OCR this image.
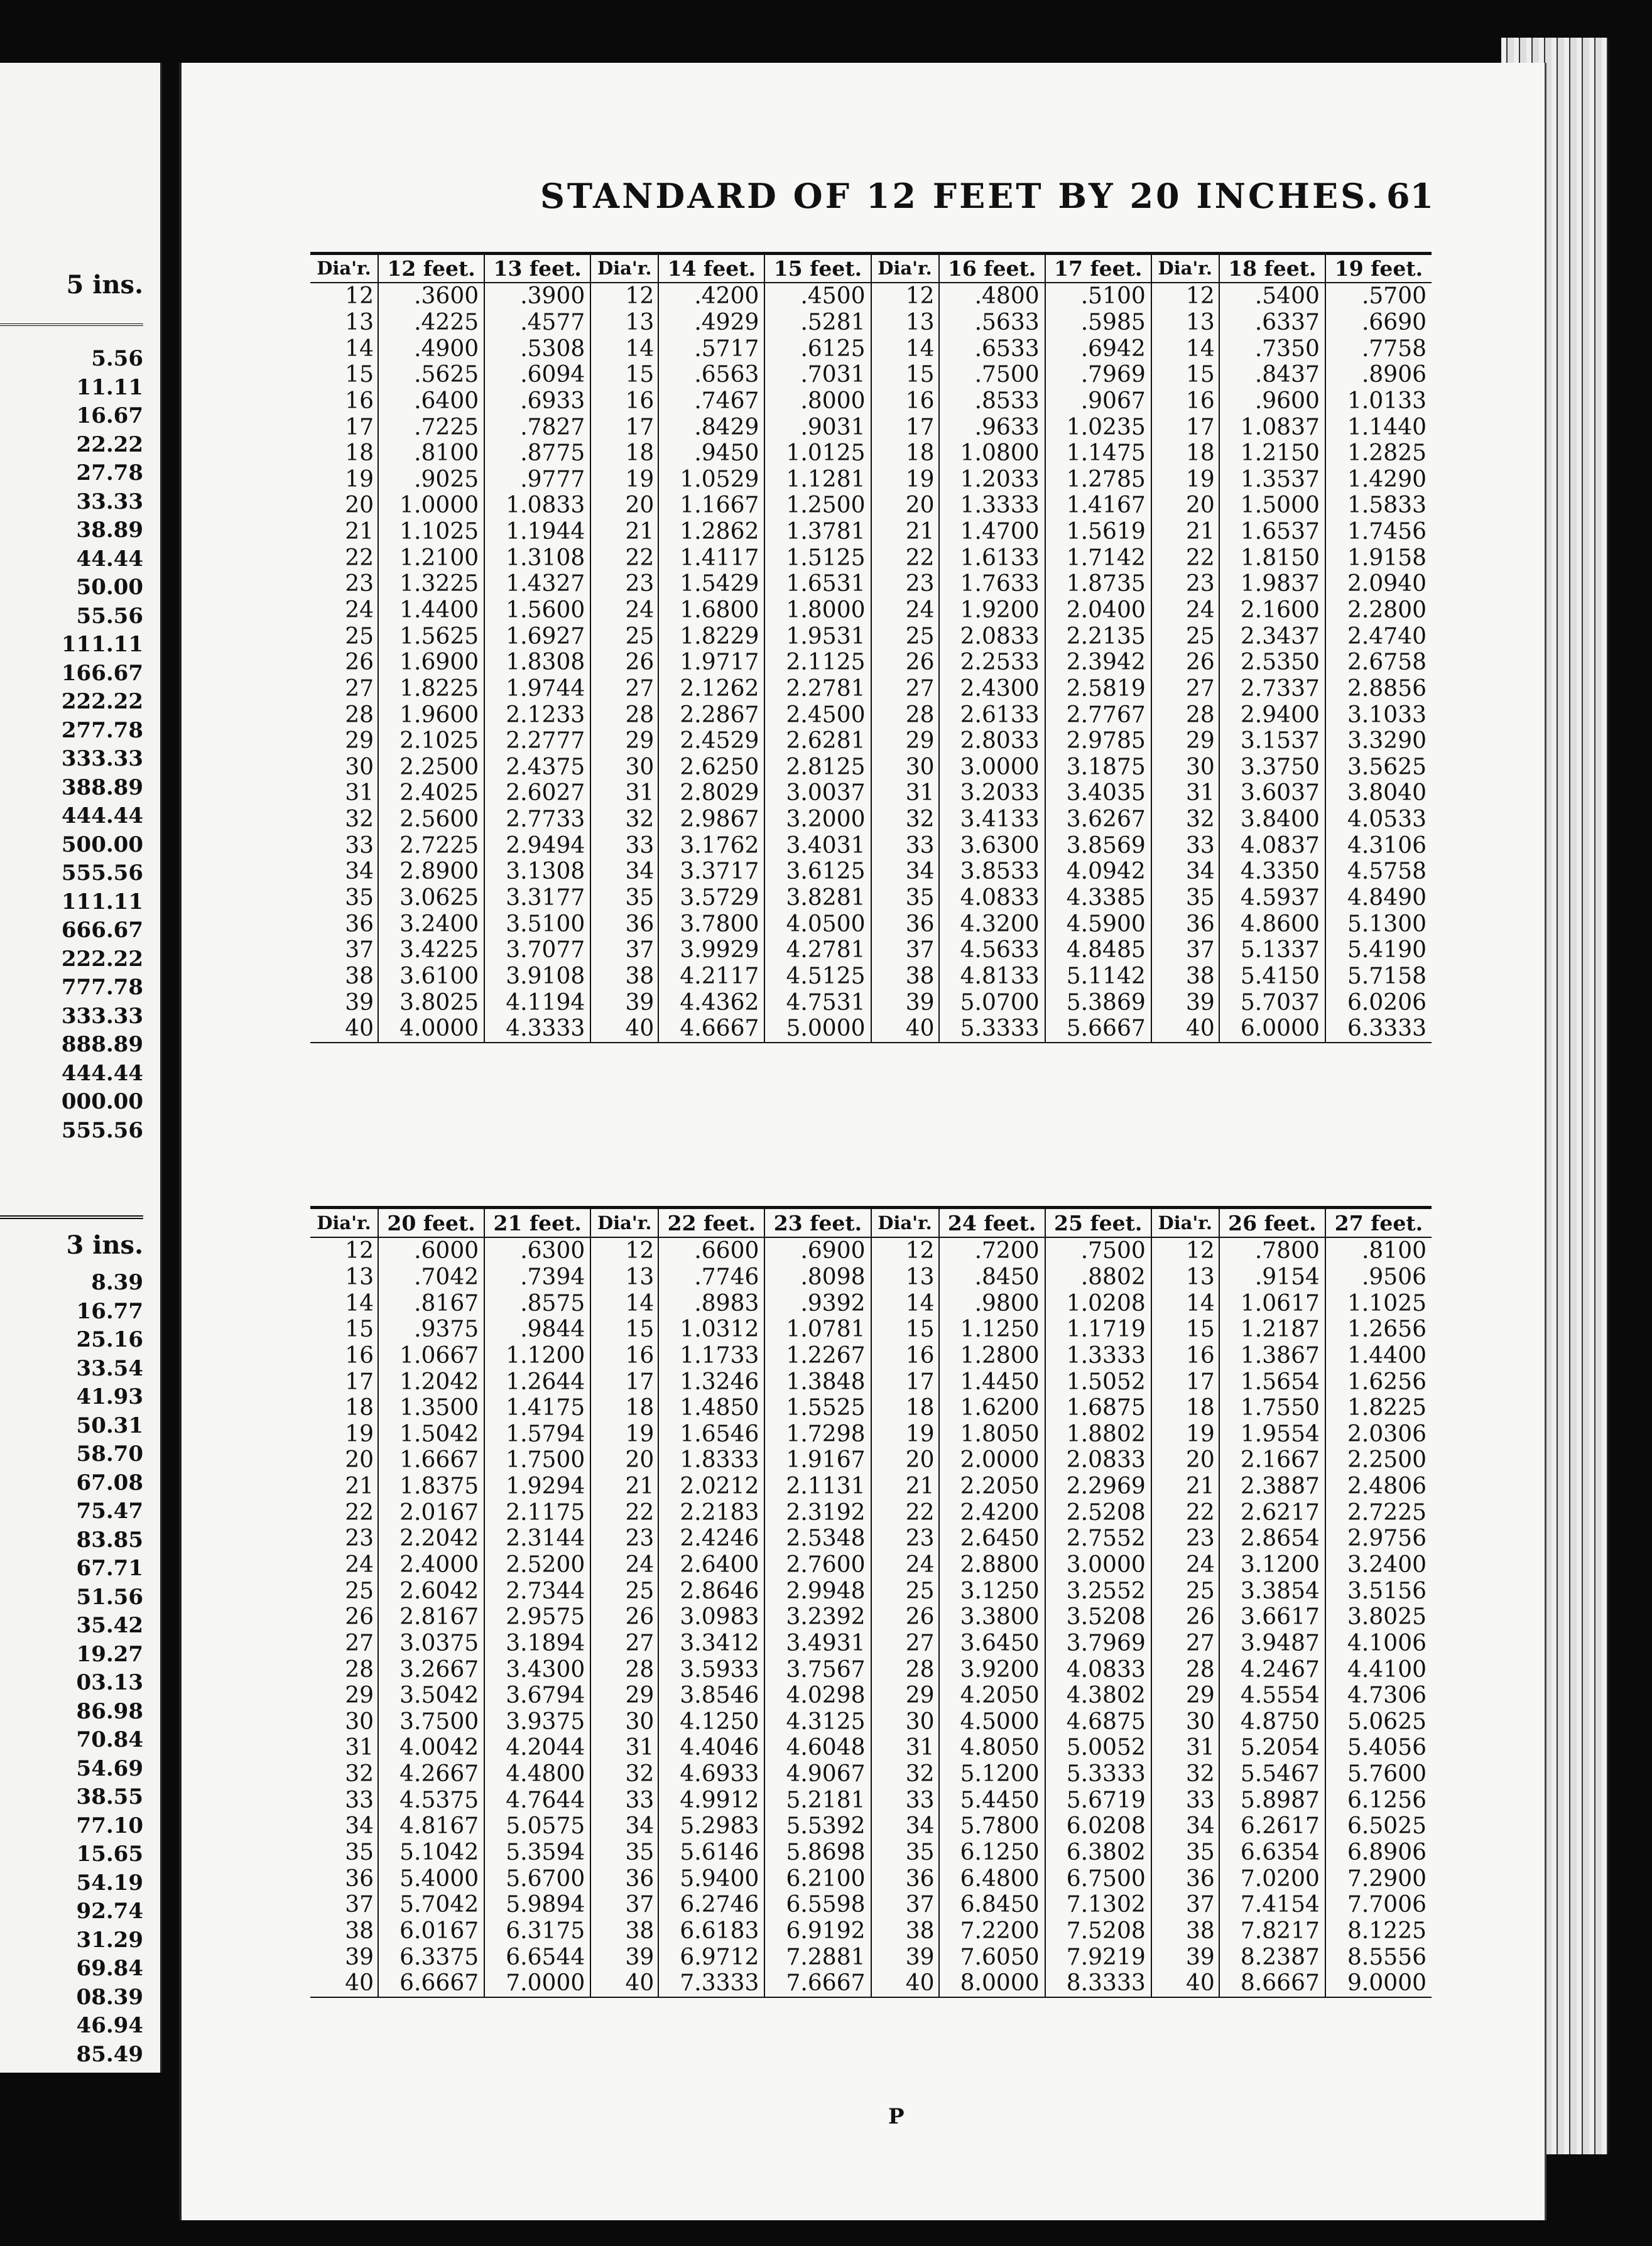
5 ins.
5.56
11.11
16.67
22.22
27.78
33.33
38.89
44.44
50.00
55.56
111.11
166.67
222.22
277.78
333.33
388.89
444.44
500.00
555.56
111.11
666.67
222.22
777.78
333.33
888.89
444.44
000.00
555.56
3 ins.
8.39
16.77
25.16
33.54
41.93
50.31
58.70
67.08
75.47
83.85
67.71
51.56
35.42
19.27
03.13
86.98
70.84
54.69
38.55
77.10
15.65
54.19
92.74
31.29
69.84
08.39
46.94
85.49
STANDARD OF 12 FEET BY 20 INCHES. 61
Dia'r.	12 feet.	13 feet.	Dia'r.	14 feet.	15 feet.	Dia'r.	16 feet.	17 feet.	Dia'r.	18 feet.	19 feet.
12	.3600	.3900	12	.4200	.4500	12	.4800	.5100	12	.5400	.5700
13	.4225	.4577	13	.4929	.5281	13	.5633	.5985	13	.6337	.6690
14	.4900	.5308	14	.5717	.6125	14	.6533	.6942	14	.7350	.7758
15	.5625	.6094	15	.6563	.7031	15	.7500	.7969	15	.8437	.8906
16	.6400	.6933	16	.7467	.8000	16	.8533	.9067	16	.9600	1.0133
17	.7225	.7827	17	.8429	.9031	17	.9633	1.0235	17	1.0837	1.1440
18	.8100	.8775	18	.9450	1.0125	18	1.0800	1.1475	18	1.2150	1.2825
19	.9025	.9777	19	1.0529	1.1281	19	1.2033	1.2785	19	1.3537	1.4290
20	1.0000	1.0833	20	1.1667	1.2500	20	1.3333	1.4167	20	1.5000	1.5833
21	1.1025	1.1944	21	1.2862	1.3781	21	1.4700	1.5619	21	1.6537	1.7456
22	1.2100	1.3108	22	1.4117	1.5125	22	1.6133	1.7142	22	1.8150	1.9158
23	1.3225	1.4327	23	1.5429	1.6531	23	1.7633	1.8735	23	1.9837	2.0940
24	1.4400	1.5600	24	1.6800	1.8000	24	1.9200	2.0400	24	2.1600	2.2800
25	1.5625	1.6927	25	1.8229	1.9531	25	2.0833	2.2135	25	2.3437	2.4740
26	1.6900	1.8308	26	1.9717	2.1125	26	2.2533	2.3942	26	2.5350	2.6758
27	1.8225	1.9744	27	2.1262	2.2781	27	2.4300	2.5819	27	2.7337	2.8856
28	1.9600	2.1233	28	2.2867	2.4500	28	2.6133	2.7767	28	2.9400	3.1033
29	2.1025	2.2777	29	2.4529	2.6281	29	2.8033	2.9785	29	3.1537	3.3290
30	2.2500	2.4375	30	2.6250	2.8125	30	3.0000	3.1875	30	3.3750	3.5625
31	2.4025	2.6027	31	2.8029	3.0037	31	3.2033	3.4035	31	3.6037	3.8040
32	2.5600	2.7733	32	2.9867	3.2000	32	3.4133	3.6267	32	3.8400	4.0533
33	2.7225	2.9494	33	3.1762	3.4031	33	3.6300	3.8569	33	4.0837	4.3106
34	2.8900	3.1308	34	3.3717	3.6125	34	3.8533	4.0942	34	4.3350	4.5758
35	3.0625	3.3177	35	3.5729	3.8281	35	4.0833	4.3385	35	4.5937	4.8490
36	3.2400	3.5100	36	3.7800	4.0500	36	4.3200	4.5900	36	4.8600	5.1300
37	3.4225	3.7077	37	3.9929	4.2781	37	4.5633	4.8485	37	5.1337	5.4190
38	3.6100	3.9108	38	4.2117	4.5125	38	4.8133	5.1142	38	5.4150	5.7158
39	3.8025	4.1194	39	4.4362	4.7531	39	5.0700	5.3869	39	5.7037	6.0206
40	4.0000	4.3333	40	4.6667	5.0000	40	5.3333	5.6667	40	6.0000	6.3333
Dia'r.	20 feet.	21 feet.	Dia'r.	22 feet.	23 feet.	Dia'r.	24 feet.	25 feet.	Dia'r.	26 feet.	27 feet.
12	.6000	.6300	12	.6600	.6900	12	.7200	.7500	12	.7800	.8100
13	.7042	.7394	13	.7746	.8098	13	.8450	.8802	13	.9154	.9506
14	.8167	.8575	14	.8983	.9392	14	.9800	1.0208	14	1.0617	1.1025
15	.9375	.9844	15	1.0312	1.0781	15	1.1250	1.1719	15	1.2187	1.2656
16	1.0667	1.1200	16	1.1733	1.2267	16	1.2800	1.3333	16	1.3867	1.4400
17	1.2042	1.2644	17	1.3246	1.3848	17	1.4450	1.5052	17	1.5654	1.6256
18	1.3500	1.4175	18	1.4850	1.5525	18	1.6200	1.6875	18	1.7550	1.8225
19	1.5042	1.5794	19	1.6546	1.7298	19	1.8050	1.8802	19	1.9554	2.0306
20	1.6667	1.7500	20	1.8333	1.9167	20	2.0000	2.0833	20	2.1667	2.2500
21	1.8375	1.9294	21	2.0212	2.1131	21	2.2050	2.2969	21	2.3887	2.4806
22	2.0167	2.1175	22	2.2183	2.3192	22	2.4200	2.5208	22	2.6217	2.7225
23	2.2042	2.3144	23	2.4246	2.5348	23	2.6450	2.7552	23	2.8654	2.9756
24	2.4000	2.5200	24	2.6400	2.7600	24	2.8800	3.0000	24	3.1200	3.2400
25	2.6042	2.7344	25	2.8646	2.9948	25	3.1250	3.2552	25	3.3854	3.5156
26	2.8167	2.9575	26	3.0983	3.2392	26	3.3800	3.5208	26	3.6617	3.8025
27	3.0375	3.1894	27	3.3412	3.4931	27	3.6450	3.7969	27	3.9487	4.1006
28	3.2667	3.4300	28	3.5933	3.7567	28	3.9200	4.0833	28	4.2467	4.4100
29	3.5042	3.6794	29	3.8546	4.0298	29	4.2050	4.3802	29	4.5554	4.7306
30	3.7500	3.9375	30	4.1250	4.3125	30	4.5000	4.6875	30	4.8750	5.0625
31	4.0042	4.2044	31	4.4046	4.6048	31	4.8050	5.0052	31	5.2054	5.4056
32	4.2667	4.4800	32	4.6933	4.9067	32	5.1200	5.3333	32	5.5467	5.7600
33	4.5375	4.7644	33	4.9912	5.2181	33	5.4450	5.6719	33	5.8987	6.1256
34	4.8167	5.0575	34	5.2983	5.5392	34	5.7800	6.0208	34	6.2617	6.5025
35	5.1042	5.3594	35	5.6146	5.8698	35	6.1250	6.3802	35	6.6354	6.8906
36	5.4000	5.6700	36	5.9400	6.2100	36	6.4800	6.7500	36	7.0200	7.2900
37	5.7042	5.9894	37	6.2746	6.5598	37	6.8450	7.1302	37	7.4154	7.7006
38	6.0167	6.3175	38	6.6183	6.9192	38	7.2200	7.5208	38	7.8217	8.1225
39	6.3375	6.6544	39	6.9712	7.2881	39	7.6050	7.9219	39	8.2387	8.5556
40	6.6667	7.0000	40	7.3333	7.6667	40	8.0000	8.3333	40	8.6667	9.0000
P
